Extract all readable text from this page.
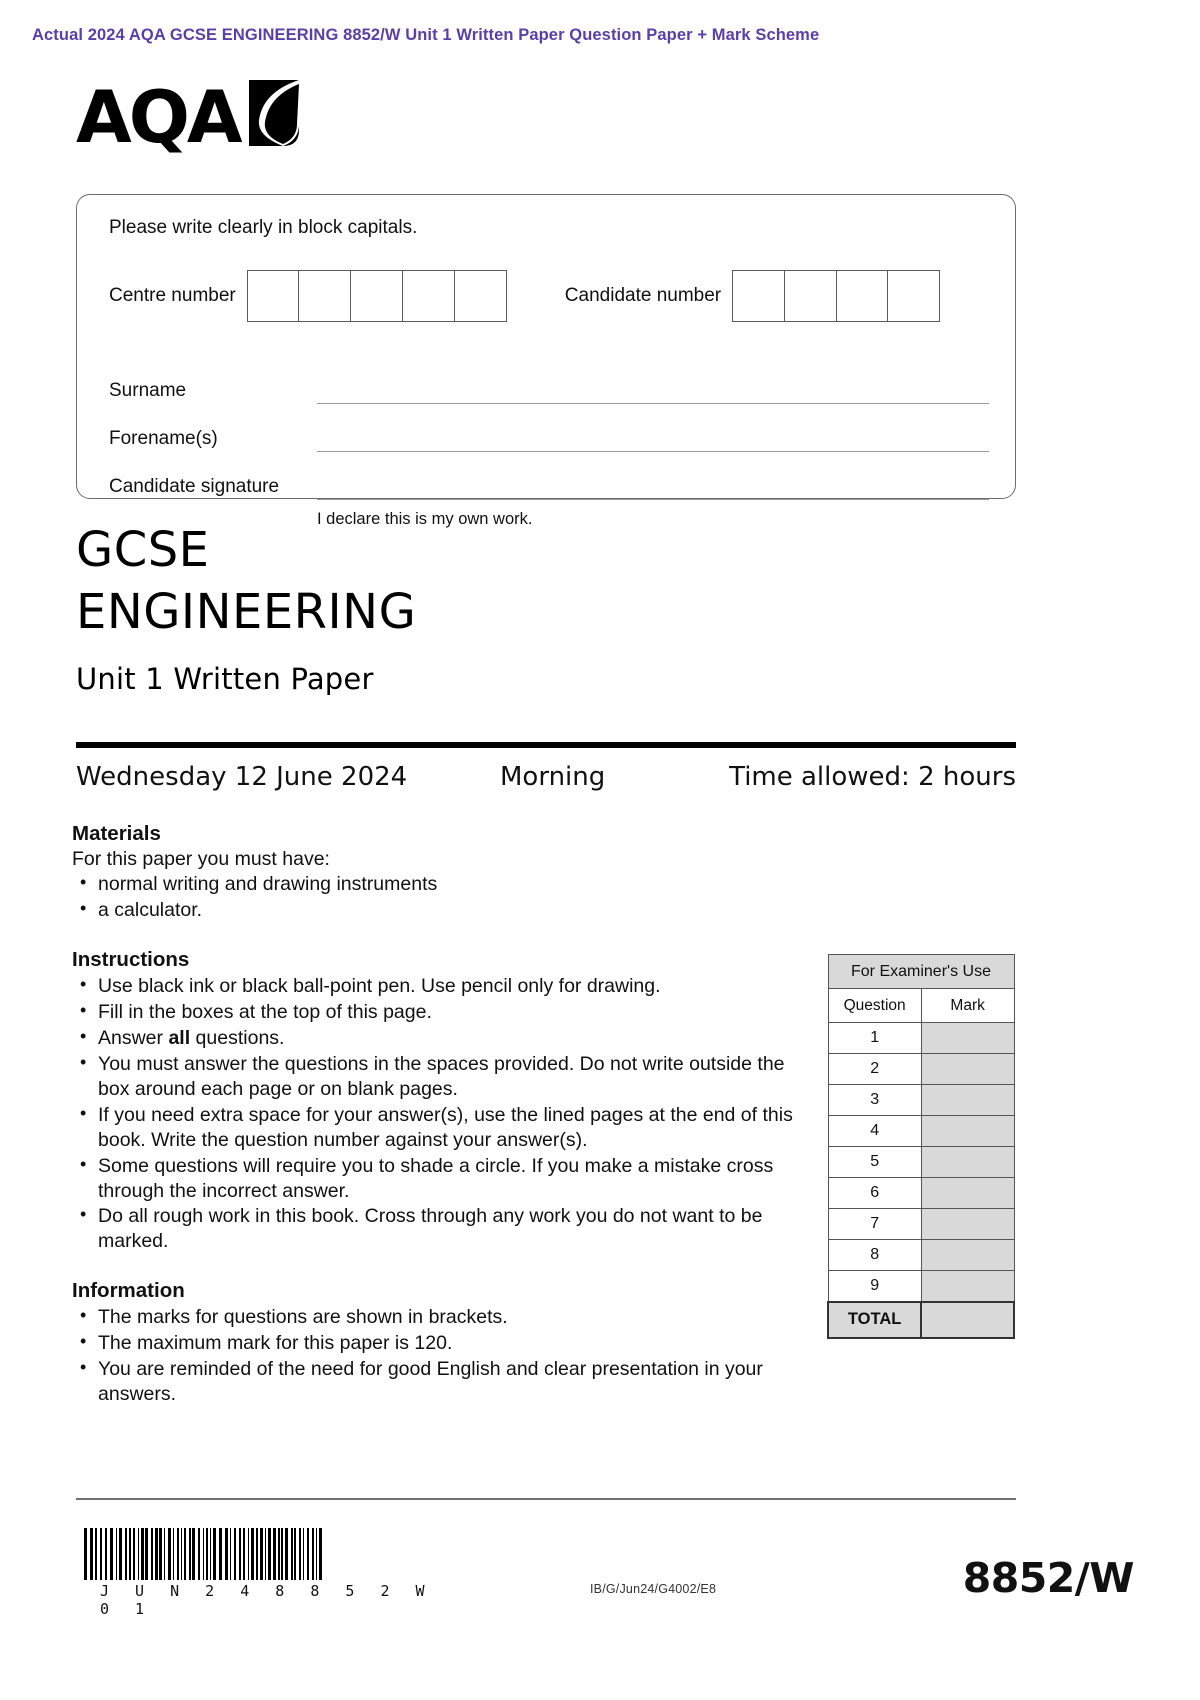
Actual 2024 AQA GCSE ENGINEERING 8852/W Unit 1 Written Paper Question Paper + Mark Scheme
AQA
Please write clearly in block capitals.
Centre number	Candidate number
Surname
Forename(s)
Candidate signature
I declare this is my own work.
GCSE
ENGINEERING
Unit 1 Written Paper
Wednesday 12 June 2024	Morning	Time allowed: 2 hours
Materials
For this paper you must have:
• normal writing and drawing instruments
• a calculator.
Instructions
• Use black ink or black ball-point pen. Use pencil only for drawing.
• Fill in the boxes at the top of this page.
• Answer all questions.
• You must answer the questions in the spaces provided. Do not write outside the box around each page or on blank pages.
• If you need extra space for your answer(s), use the lined pages at the end of this book. Write the question number against your answer(s).
• Some questions will require you to shade a circle. If you make a mistake cross through the incorrect answer.
• Do all rough work in this book. Cross through any work you do not want to be marked.
Information
• The marks for questions are shown in brackets.
• The maximum mark for this paper is 120.
• You are reminded of the need for good English and clear presentation in your answers.
For Examiner's Use	
Question	Mark
1	
2	
3	
4	
5	
6	
7	
8	
9	
TOTAL	
J U N 2 4 8 8 5 2 W 0 1
IB/G/Jun24/G4002/E8	8852/W
